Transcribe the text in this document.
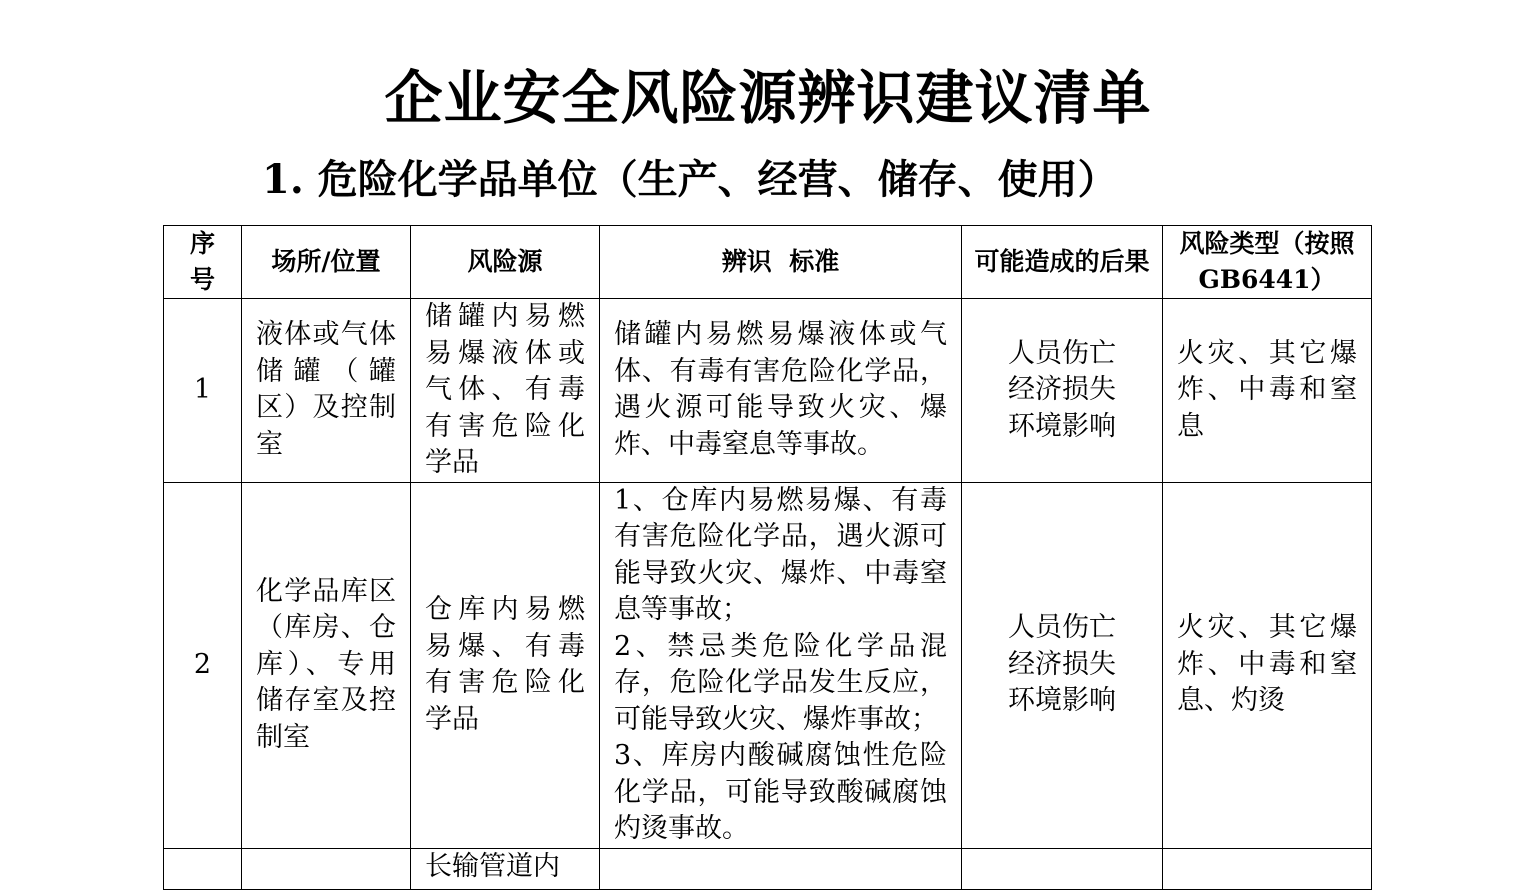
企业安全风险源辨识建议清单
1. 危险化学品单位（生产、经营、储存、使用）
序号	场所/位置	风险源	辨识  标准	可能造成的后果	风险类型（按照 GB6441）

1	液体或气体储罐（罐区）及控制室	储罐内易燃易爆液体或气体、有毒有害危险化学品	储罐内易燃易爆液体或气体、有毒有害危险化学品，遇火源可能导致火灾、爆炸、中毒窒息等事故。	人员伤亡
经济损失
环境影响	火灾、其它爆炸、中毒和窒息

2	化学品库区（库房、仓库）、专用储存室及控制室	仓库内易燃易爆、有毒有害危险化学品	1、仓库内易燃易爆、有毒有害危险化学品，遇火源可能导致火灾、爆炸、中毒窒息等事故；
2、禁忌类危险化学品混存，危险化学品发生反应，可能导致火灾、爆炸事故；
3、库房内酸碱腐蚀性危险化学品，可能导致酸碱腐蚀灼烫事故。	人员伤亡
经济损失
环境影响	火灾、其它爆炸、中毒和窒息、灼烫

		长输管道内			
